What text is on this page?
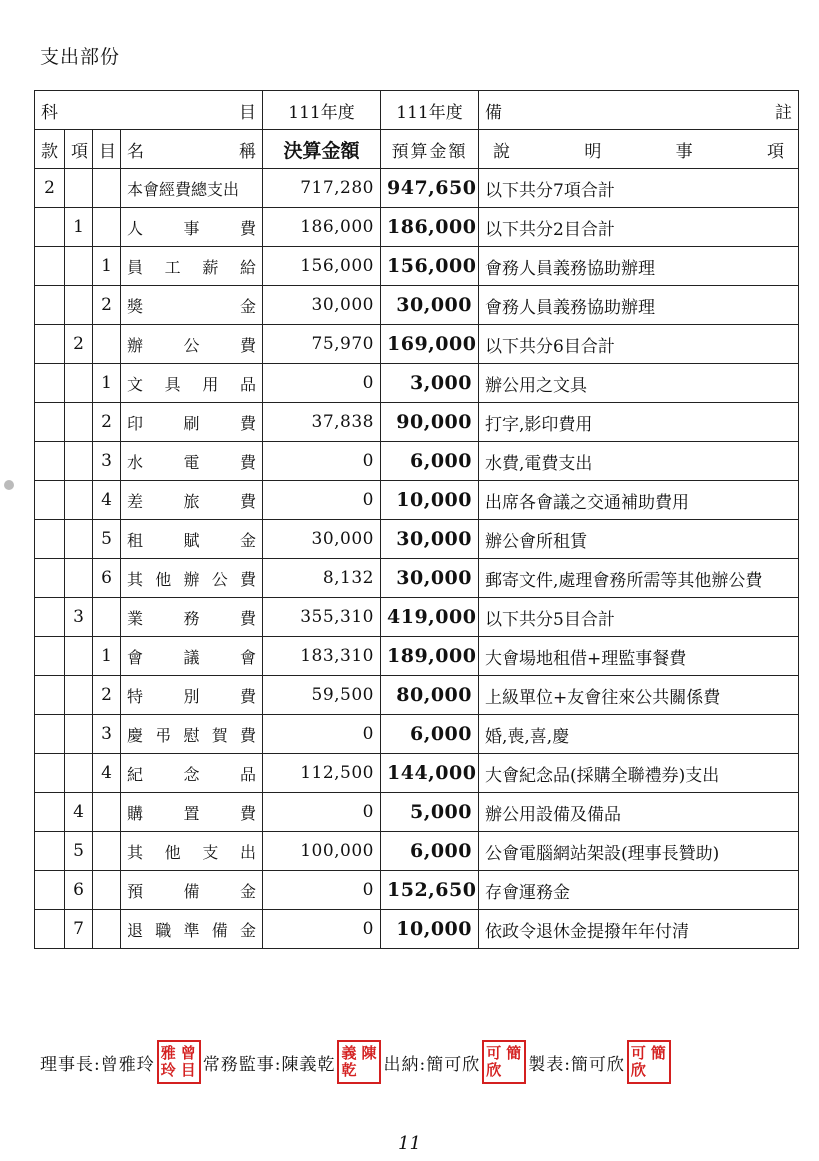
支出部份
科 目				111年度	111年度	備 註

款	項	目	名 稱	決算金額	預算金額	說 明 事 項

2			本會經費總支出	717,280	947,650	以下共分7項合計
	1		人 事 費	186,000	186,000	以下共分2目合計
		1	員 工 薪 給	156,000	156,000	會務人員義務協助辦理
		2	獎 金	30,000	30,000	會務人員義務協助辦理
	2		辦 公 費	75,970	169,000	以下共分6目合計
		1	文 具 用 品	0	3,000	辦公用之文具
		2	印 刷 費	37,838	90,000	打字,影印費用
		3	水 電 費	0	6,000	水費,電費支出
		4	差 旅 費	0	10,000	出席各會議之交通補助費用
		5	租 賦 金	30,000	30,000	辦公會所租賃
		6	其 他 辦 公 費	8,132	30,000	郵寄文件,處理會務所需等其他辦公費
	3		業 務 費	355,310	419,000	以下共分5目合計
		1	會 議 會	183,310	189,000	大會場地租借+理監事餐費
		2	特 別 費	59,500	80,000	上級單位+友會往來公共關係費
		3	慶 弔 慰 賀 費	0	6,000	婚,喪,喜,慶
		4	紀 念 品	112,500	144,000	大會紀念品(採購全聯禮券)支出
	4		購 置 費	0	5,000	辦公用設備及備品
	5		其 他 支 出	100,000	6,000	公會電腦網站架設(理事長贊助)
	6		預 備 金	0	152,650	存會運務金
	7		退 職 準 備 金	0	10,000	依政令退休金提撥年年付清
理事長:曾雅玲
雅 曾
玲 目 常務監事:陳義乾
義 陳
乾 出納:簡可欣
可 簡
欣 製表:簡可欣
可 簡
欣
11
